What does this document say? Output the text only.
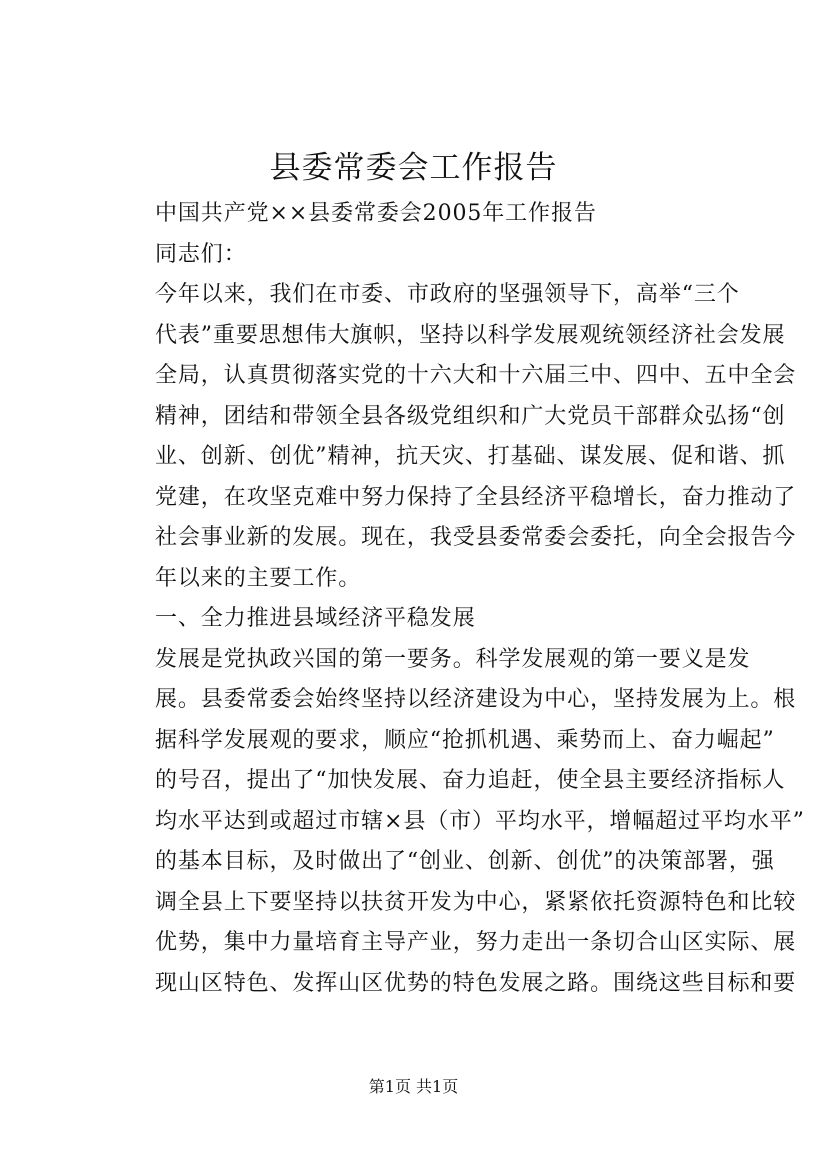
县委常委会工作报告

中国共产党××县委常委会2005年工作报告

同志们：

今年以来，我们在市委、市政府的坚强领导下，高举“三个
代表”重要思想伟大旗帜，坚持以科学发展观统领经济社会发展
全局，认真贯彻落实党的十六大和十六届三中、四中、五中全会
精神，团结和带领全县各级党组织和广大党员干部群众弘扬“创
业、创新、创优”精神，抗天灾、打基础、谋发展、促和谐、抓
党建，在攻坚克难中努力保持了全县经济平稳增长，奋力推动了
社会事业新的发展。现在，我受县委常委会委托，向全会报告今
年以来的主要工作。

一、全力推进县域经济平稳发展

发展是党执政兴国的第一要务。科学发展观的第一要义是发
展。县委常委会始终坚持以经济建设为中心，坚持发展为上。根
据科学发展观的要求，顺应“抢抓机遇、乘势而上、奋力崛起”
的号召，提出了“加快发展、奋力追赶，使全县主要经济指标人
均水平达到或超过市辖×县（市）平均水平，增幅超过平均水平”
的基本目标，及时做出了“创业、创新、创优”的决策部署，强
调全县上下要坚持以扶贫开发为中心，紧紧依托资源特色和比较
优势，集中力量培育主导产业，努力走出一条切合山区实际、展
现山区特色、发挥山区优势的特色发展之路。围绕这些目标和要

第1页 共1页
